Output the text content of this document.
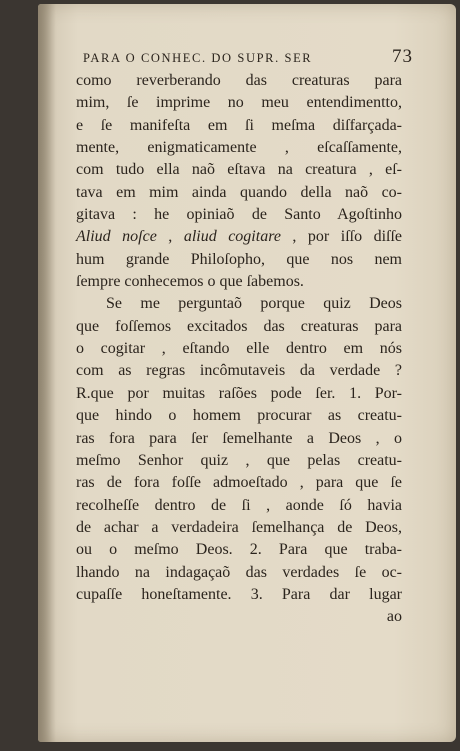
PARA O CONHEC. DO SUPR. SER	73
como reverberando das creaturas para
mim, ſe imprime no meu entendimentto,
e ſe manifeſta em ſi meſma diſfarçada-
mente, enigmaticamente , eſcaſſamente,
com tudo ella naõ eſtava na creatura , eſ-
tava em mim ainda quando della naõ co-
gitava : he opiniaõ de Santo Agoſtinho
Aliud noſce , aliud cogitare , por iſſo diſſe
hum grande Philoſopho, que nos nem
ſempre conhecemos o que ſabemos.
Se me perguntaõ porque quiz Deos
que foſſemos excitados das creaturas para
o cogitar , eſtando elle dentro em nós
com as regras incômutaveis da verdade ?
R.que por muitas raſões pode ſer. 1. Por-
que hindo o homem procurar as creatu-
ras fora para ſer ſemelhante a Deos , o
meſmo Senhor quiz , que pelas creatu-
ras de fora foſſe admoeſtado , para que ſe
recolheſſe dentro de ſi , aonde ſó havia
de achar a verdadeira ſemelhança de Deos,
ou o meſmo Deos. 2. Para que traba-
lhando na indagaçaõ das verdades ſe oc-
cupaſſe honeſtamente. 3. Para dar lugar
ao
